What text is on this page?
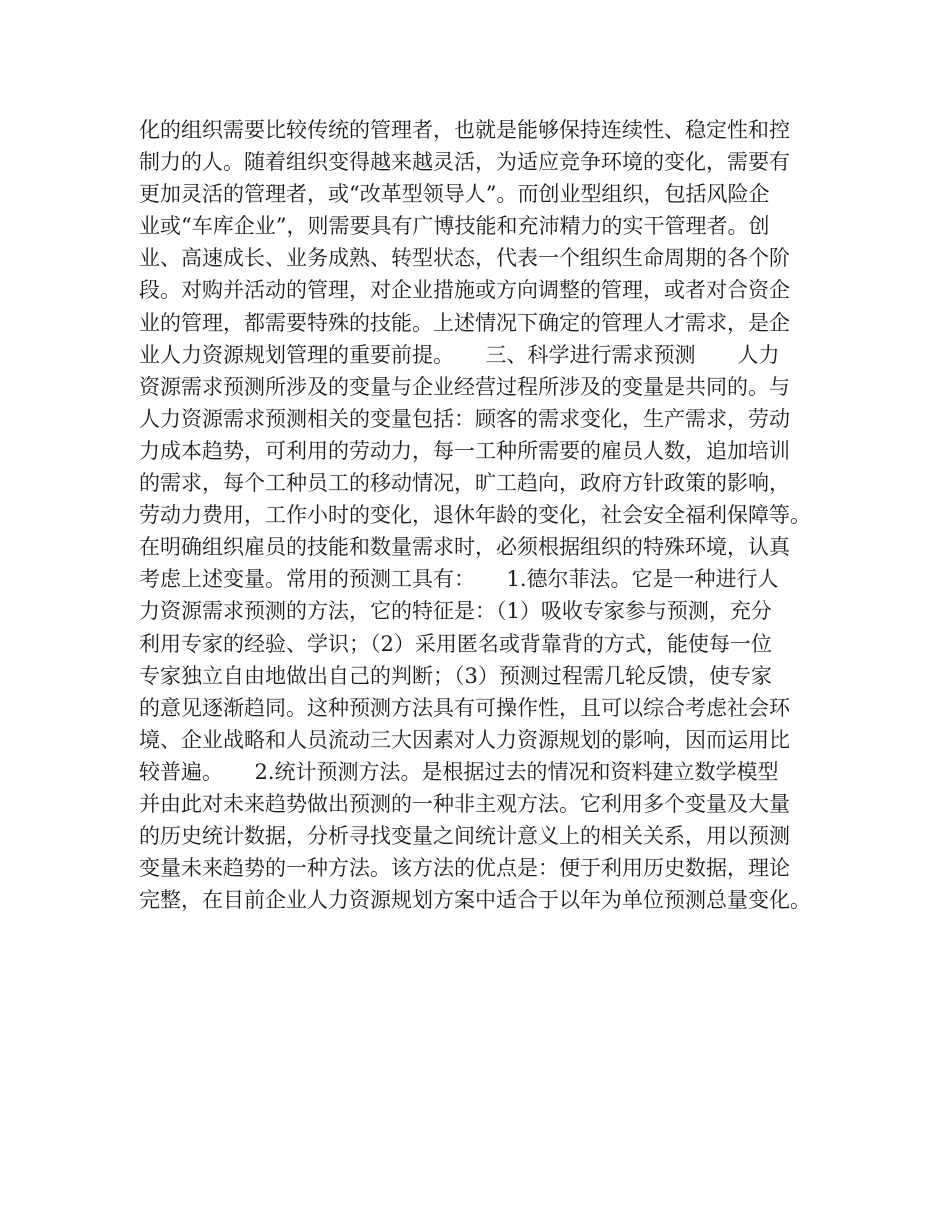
化的组织需要比较传统的管理者，也就是能够保持连续性、稳定性和控
制力的人。随着组织变得越来越灵活，为适应竞争环境的变化，需要有
更加灵活的管理者，或“改革型领导人”。而创业型组织，包括风险企
业或“车库企业”，则需要具有广博技能和充沛精力的实干管理者。创
业、高速成长、业务成熟、转型状态，代表一个组织生命周期的各个阶
段。对购并活动的管理，对企业措施或方向调整的管理，或者对合资企
业的管理，都需要特殊的技能。上述情况下确定的管理人才需求，是企
业人力资源规划管理的重要前提。　　三、科学进行需求预测　　人力
资源需求预测所涉及的变量与企业经营过程所涉及的变量是共同的。与
人力资源需求预测相关的变量包括：顾客的需求变化，生产需求，劳动
力成本趋势，可利用的劳动力，每一工种所需要的雇员人数，追加培训
的需求，每个工种员工的移动情况，旷工趋向，政府方针政策的影响，
劳动力费用，工作小时的变化，退休年龄的变化，社会安全福利保障等。
在明确组织雇员的技能和数量需求时，必须根据组织的特殊环境，认真
考虑上述变量。常用的预测工具有：　　1.德尔菲法。它是一种进行人
力资源需求预测的方法，它的特征是：（1）吸收专家参与预测，充分
利用专家的经验、学识；（2）采用匿名或背靠背的方式，能使每一位
专家独立自由地做出自己的判断；（3）预测过程需几轮反馈，使专家
的意见逐渐趋同。这种预测方法具有可操作性，且可以综合考虑社会环
境、企业战略和人员流动三大因素对人力资源规划的影响，因而运用比
较普遍。　　2.统计预测方法。是根据过去的情况和资料建立数学模型
并由此对未来趋势做出预测的一种非主观方法。它利用多个变量及大量
的历史统计数据，分析寻找变量之间统计意义上的相关关系，用以预测
变量未来趋势的一种方法。该方法的优点是：便于利用历史数据，理论
完整，在目前企业人力资源规划方案中适合于以年为单位预测总量变化。
